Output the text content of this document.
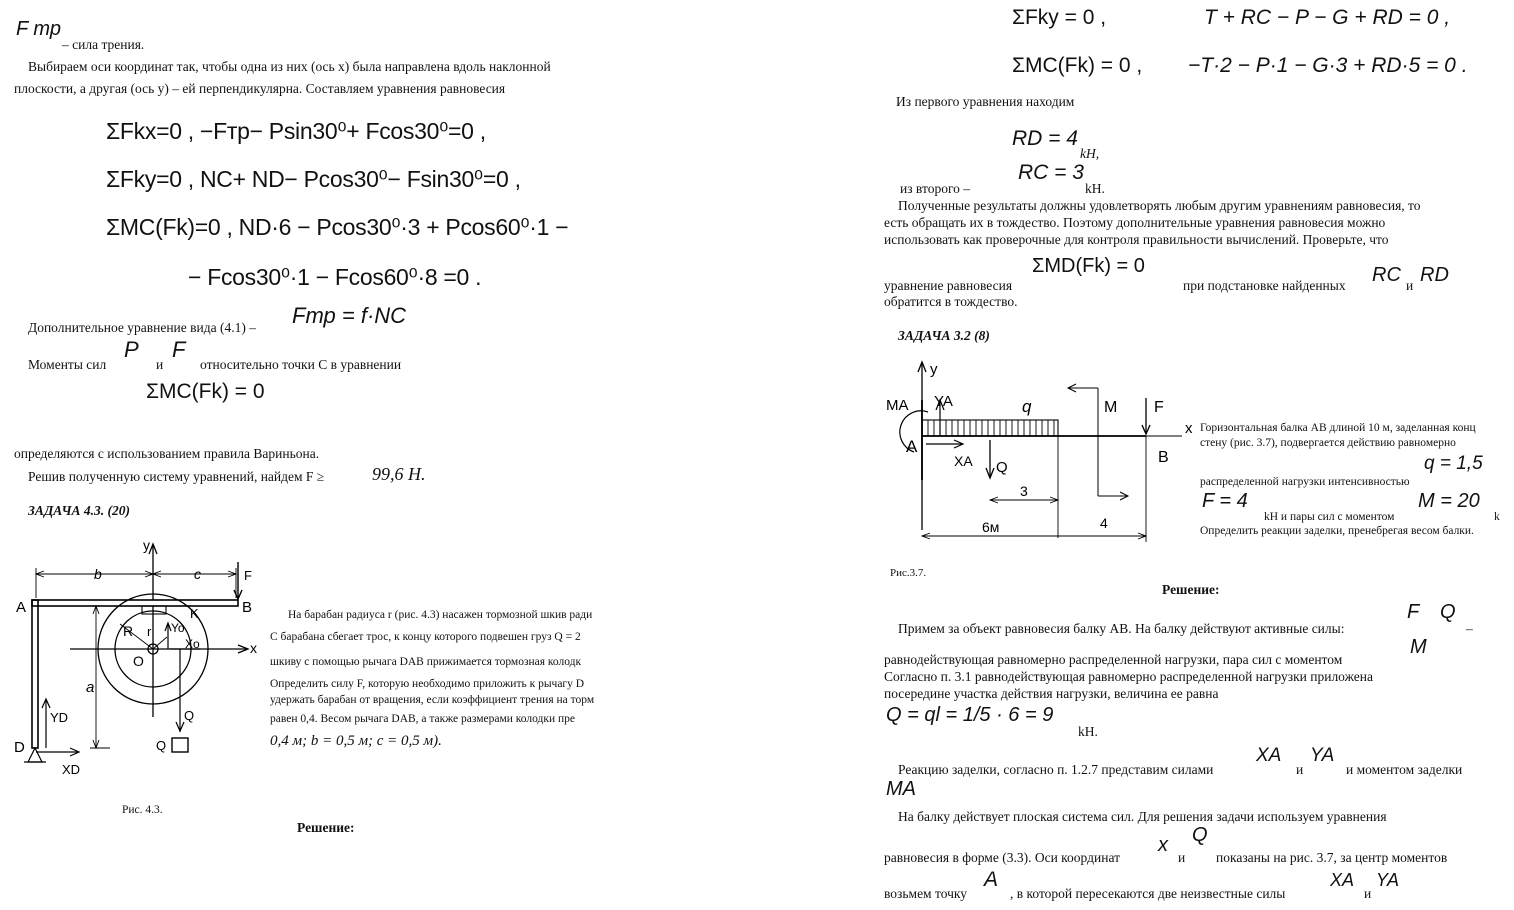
F тр
– сила трения.
Выбираем оси координат так, чтобы одна из них (ось x) была направлена вдоль наклонной
плоскости, а другая (ось y) – ей перпендикулярна. Составляем уравнения равновесия
ΣFkx=0 , −Fтр− Psin30⁰+ Fcos30⁰=0 ,
ΣFky=0 , NC+ ND− Pcos30⁰− Fsin30⁰=0 ,
ΣMC(Fk)=0 , ND·6 − Pcos30⁰·3 + Pcos60⁰·1 −
− Fcos30⁰·1 − Fcos60⁰·8 =0 .
Дополнительное уравнение вида (4.1) – Fтр = f·NC
Моменты сил
P
и
F
относительно точки C в уравнении
ΣMC(Fk) = 0
определяются с использованием правила Вариньона.
Решив полученную систему уравнений, найдем F ≥	99,6 H.
ЗАДАЧА 4.3. (20)
y
x
b	c
A	B
K
R r
O
Yo
Xo
F
a
YD
XD
D
Q
Q
На барабан радиуса r (рис. 4.3) насажен тормозной шкив ради
С барабана сбегает трос, к концу которого подвешен груз Q = 2
шкиву с помощью рычага DAB прижимается тормозная колодк
Определить силу F, которую необходимо приложить к рычагу D
удержать барабан от вращения, если коэффициент трения на торм
равен 0,4. Весом рычага DAB, а также размерами колодки пре
0,4 м; b = 0,5 м; c = 0,5 м).
Рис. 4.3.
Решение:
ΣFky = 0 ,	T + RC − P − G + RD = 0 ,
ΣMC(Fk) = 0 , −T·2 − P·1 − G·3 + RD·5 = 0 .
Из первого уравнения находим
RD = 4
kH,
из второго –
RC = 3
kH.
Полученные результаты должны удовлетворять любым другим уравнениям равновесия, то
есть обращать их в тождество. Поэтому дополнительные уравнения равновесия можно
использовать как проверочные для контроля правильности вычислений. Проверьте, что
уравнение равновесия
ΣMD(Fk) = 0
при подстановке найденных RC и RD
обратится в тождество.
ЗАДАЧА 3.2 (8)
y
MA YA	q	M F
A
XA Q
B
3
6м	4
x Горизонтальная балка AB длиной 10 м, заделанная конц
стену (рис. 3.7), подвергается действию равномерно
q = 1,5
распределенной нагрузки интенсивностью
F = 4
kH и пары сил с моментом
M = 20
k
Определить реакции заделки, пренебрегая весом балки.
Рис.3.7.
Решение:
Примем за объект равновесия балку AB. На балку действуют активные силы:
F Q
–
равнодействующая равномерно распределенной нагрузки, пара сил с моментом
M
Согласно п. 3.1 равнодействующая равномерно распределенной нагрузки приложена
посередине участка действия нагрузки, величина ее равна
Q = ql = 1/5 · 6 = 9
kH.
Реакцию заделки, согласно п. 1.2.7 представим силами
XA
и
YA
и моментом заделки
MA
На балку действует плоская система сил. Для решения задачи используем уравнения
равновесия в форме (3.3). Оси координат
x
и
Q
показаны на рис. 3.7, за центр моментов
возьмем точку
A
, в которой пересекаются две неизвестные силы
XA
и
YA
